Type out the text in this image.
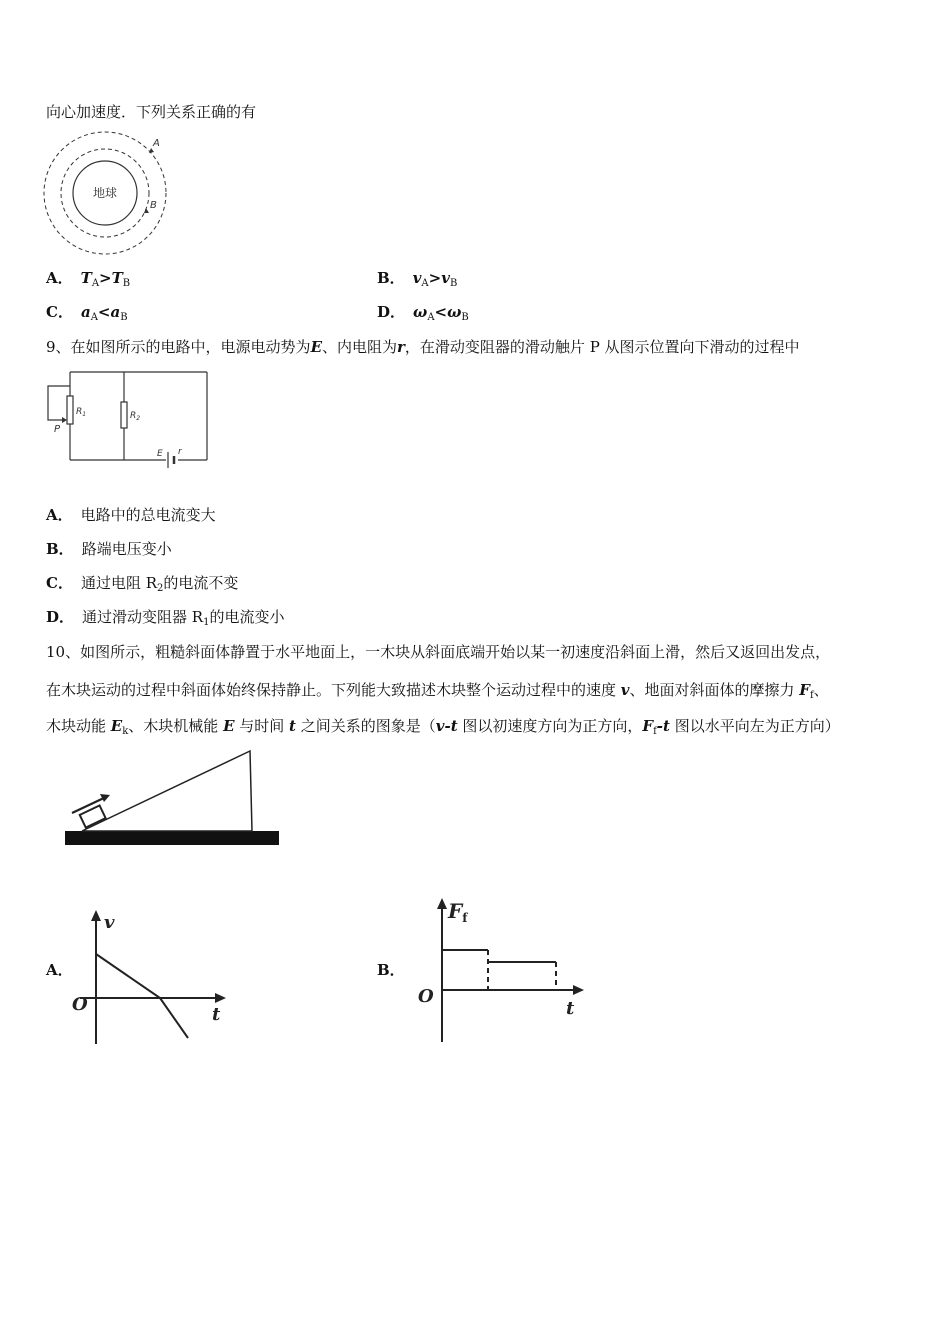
向心加速度．下列关系正确的有
地球
A
B
A． $T_A>T_B$	B． $v_A>v_B$
C． $a_A<a_B$	D． $\omega_A<\omega_B$
9、在如图所示的电路中，电源电动势为E、内电阻为r，在滑动变阻器的滑动触片 P 从图示位置向下滑动的过程中
P
$R_1$	$R_2$
E r
A． 电路中的总电流变大
B． 路端电压变小
C． 通过电阻 $R_2$的电流不变
D． 通过滑动变阻器 $R_1$的电流变小
10、如图所示，粗糙斜面体静置于水平地面上，一木块从斜面底端开始以某一初速度沿斜面上滑，然后又返回出发点，
在木块运动的过程中斜面体始终保持静止。下列能大致描述木块整个运动过程中的速度 v、地面对斜面体的摩擦力 $F_f$、
木块动能 $E_k$、木块机械能 E 与时间 t 之间关系的图象是（v-t 图以初速度方向为正方向，$F_f-t$ 图以水平向左为正方向）
A．
v
t
O
B．
$F_f$
t
O
